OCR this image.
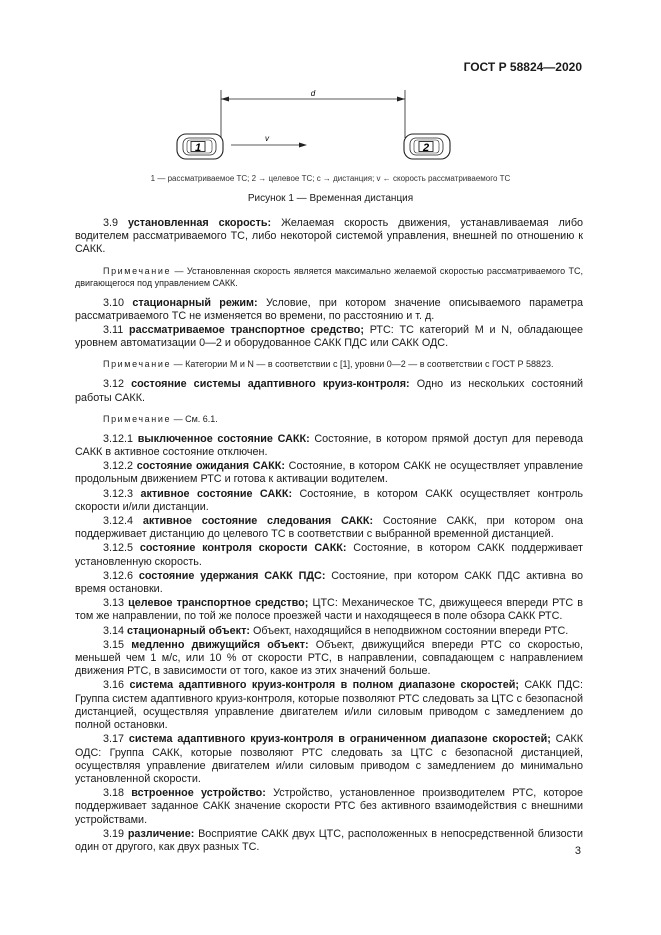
ГОСТ Р 58824—2020
d
1
v
2
1 — рассматриваемое ТС; 2 → целевое ТС; c → дистанция; v ← скорость рассматриваемого ТС
Рисунок 1 — Временная дистанция

3.9 установленная скорость: Желаемая скорость движения, устанавливаемая либо водителем рассматриваемого ТС, либо некоторой системой управления, внешней по отношению к САКК.

Примечание — Установленная скорость является максимально желаемой скоростью рассматриваемого ТС, двигающегося под управлением САКК.

3.10 стационарный режим: Условие, при котором значение описываемого параметра рассматриваемого ТС не изменяется во времени, по расстоянию и т. д.

3.11 рассматриваемое транспортное средство; РТС: ТС категорий M и N, обладающее уровнем автоматизации 0—2 и оборудованное САКК ПДС или САКК ОДС.

Примечание — Категории M и N — в соответствии с [1], уровни 0—2 — в соответствии с ГОСТ Р 58823.

3.12 состояние системы адаптивного круиз-контроля: Одно из нескольких состояний работы САКК.

Примечание — См. 6.1.

3.12.1 выключенное состояние САКК: Состояние, в котором прямой доступ для перевода САКК в активное состояние отключен.

3.12.2 состояние ожидания САКК: Состояние, в котором САКК не осуществляет управление продольным движением РТС и готова к активации водителем.

3.12.3 активное состояние САКК: Состояние, в котором САКК осуществляет контроль скорости и/или дистанции.

3.12.4 активное состояние следования САКК: Состояние САКК, при котором она поддерживает дистанцию до целевого ТС в соответствии с выбранной временной дистанцией.

3.12.5 состояние контроля скорости САКК: Состояние, в котором САКК поддерживает установленную скорость.

3.12.6 состояние удержания САКК ПДС: Состояние, при котором САКК ПДС активна во время остановки.

3.13 целевое транспортное средство; ЦТС: Механическое ТС, движущееся впереди РТС в том же направлении, по той же полосе проезжей части и находящееся в поле обзора САКК РТС.

3.14 стационарный объект: Объект, находящийся в неподвижном состоянии впереди РТС.

3.15 медленно движущийся объект: Объект, движущийся впереди РТС со скоростью, меньшей чем 1 м/с, или 10 % от скорости РТС, в направлении, совпадающем с направлением движения РТС, в зависимости от того, какое из этих значений больше.

3.16 система адаптивного круиз-контроля в полном диапазоне скоростей; САКК ПДС: Группа систем адаптивного круиз-контроля, которые позволяют РТС следовать за ЦТС с безопасной дистанцией, осуществляя управление двигателем и/или силовым приводом с замедлением до полной остановки.

3.17 система адаптивного круиз-контроля в ограниченном диапазоне скоростей; САКК ОДС: Группа САКК, которые позволяют РТС следовать за ЦТС с безопасной дистанцией, осуществляя управление двигателем и/или силовым приводом с замедлением до минимально установленной скорости.

3.18 встроенное устройство: Устройство, установленное производителем РТС, которое поддерживает заданное САКК значение скорости РТС без активного взаимодействия с внешними устройствами.

3.19 различение: Восприятие САКК двух ЦТС, расположенных в непосредственной близости один от другого, как двух разных ТС.	3
